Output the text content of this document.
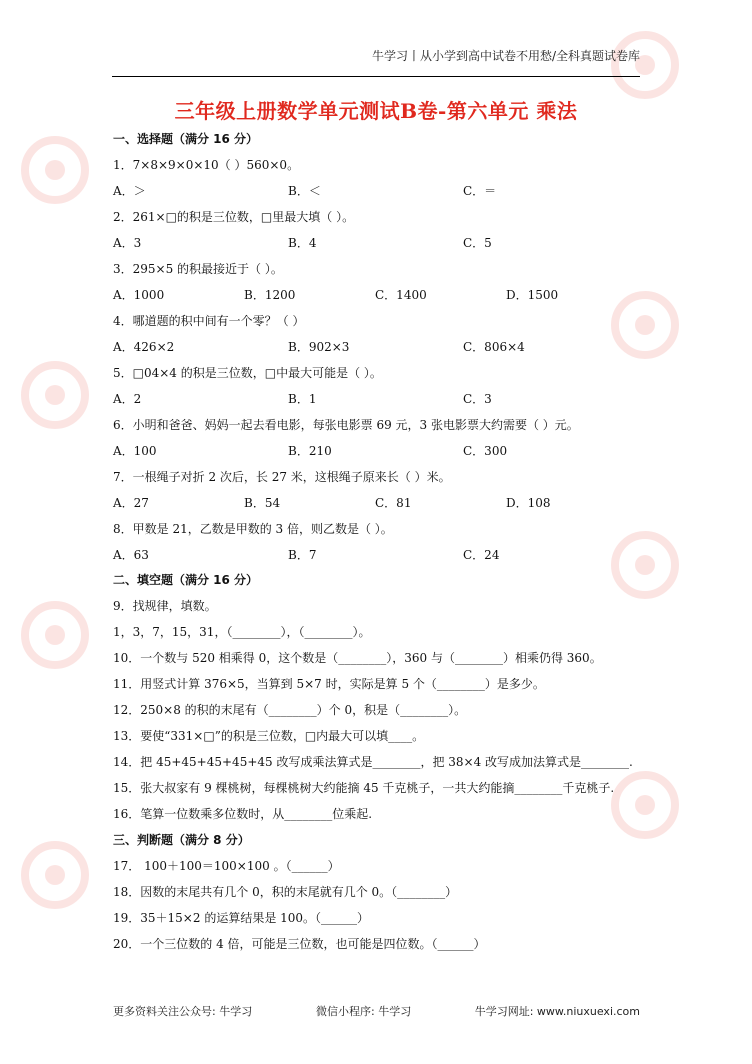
牛学习丨从小学到高中试卷不用愁/全科真题试卷库
三年级上册数学单元测试B卷-第六单元 乘法
一、选择题（满分 16 分）
1．7×8×9×0×10（ ）560×0。
A．＞	B．＜	C．＝
2．261×□的积是三位数，□里最大填（ ）。
A．3	B．4	C．5
3．295×5 的积最接近于（ ）。
A．1000	B．1200	C．1400	D．1500
4．哪道题的积中间有一个零？（ ）
A．426×2	B．902×3	C．806×4
5．□04×4 的积是三位数，□中最大可能是（ ）。
A．2	B．1	C．3
6．小明和爸爸、妈妈一起去看电影，每张电影票 69 元，3 张电影票大约需要（ ）元。
A．100	B．210	C．300
7．一根绳子对折 2 次后，长 27 米，这根绳子原来长（ ）米。
A．27	B．54	C．81	D．108
8．甲数是 21，乙数是甲数的 3 倍，则乙数是（ ）。
A．63	B．7	C．24
二、填空题（满分 16 分）
9．找规律，填数。
1，3，7，15，31，（________），（________）。
10．一个数与 520 相乘得 0，这个数是（________），360 与（________）相乘仍得 360。
11．用竖式计算 376×5，当算到 5×7 时，实际是算 5 个（________）是多少。
12．250×8 的积的末尾有（________）个 0，积是（________）。
13．要使“331×□”的积是三位数，□内最大可以填____。
14．把 45+45+45+45+45 改写成乘法算式是________，把 38×4 改写成加法算式是________.
15．张大叔家有 9 棵桃树，每棵桃树大约能摘 45 千克桃子，一共大约能摘________千克桃子.
16．笔算一位数乘多位数时，从________位乘起.
三、判断题（满分 8 分）
17． 100＋100＝100×100 。（______）
18．因数的末尾共有几个 0，积的末尾就有几个 0。（________）
19．35＋15×2 的运算结果是 100。（______）
20．一个三位数的 4 倍，可能是三位数，也可能是四位数。（______）
更多资料关注公众号: 牛学习	微信小程序: 牛学习	牛学习网址: www.niuxuexi.com
